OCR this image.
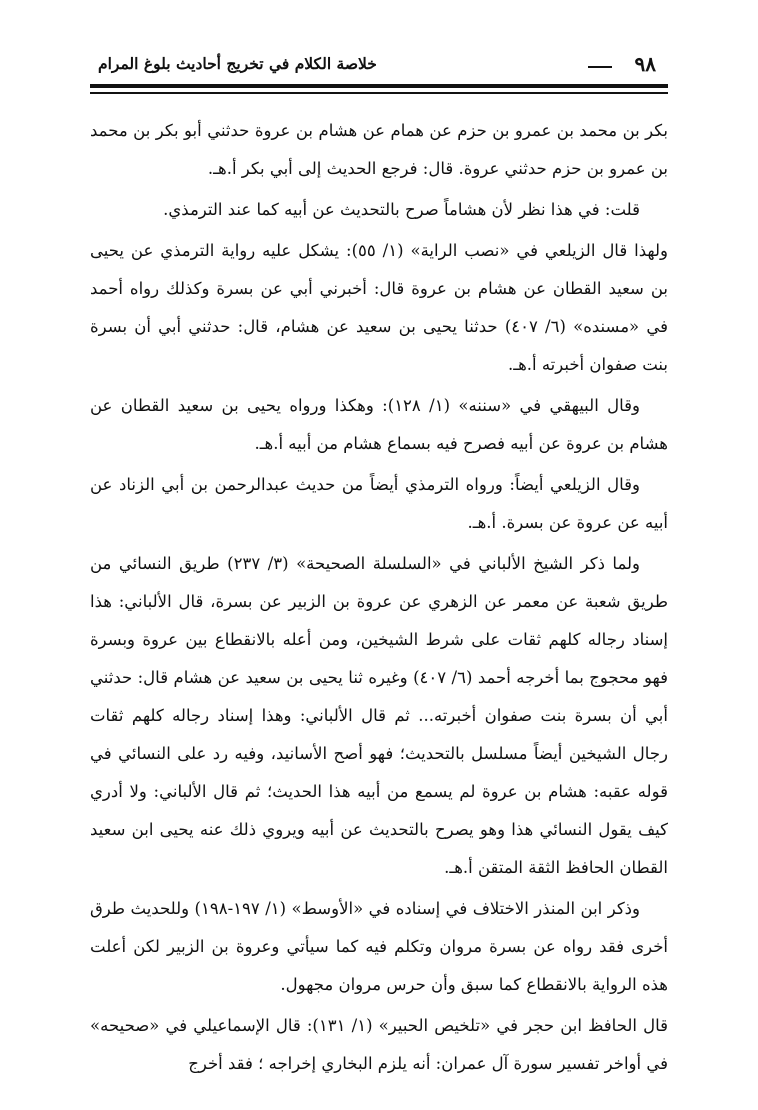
٩٨
خلاصة الكلام في تخريج أحاديث بلوغ المرام

بكر بن محمد بن عمرو بن حزم عن همام عن هشام بن عروة حدثني أبو بكر بن محمد بن عمرو بن حزم حدثني عروة. قال: فرجع الحديث إلى أبي بكر أ.هـ.

قلت: في هذا نظر لأن هشاماً صرح بالتحديث عن أبيه كما عند الترمذي.

ولهذا قال الزيلعي في «نصب الراية» (١/ ٥٥): يشكل عليه رواية الترمذي عن يحيى بن سعيد القطان عن هشام بن عروة قال: أخبرني أبي عن بسرة وكذلك رواه أحمد في «مسنده» (٦/ ٤٠٧) حدثنا يحيى بن سعيد عن هشام، قال: حدثني أبي أن بسرة بنت صفوان أخبرته أ.هـ.

وقال البيهقي في «سننه» (١/ ١٢٨): وهكذا ورواه يحيى بن سعيد القطان عن هشام بن عروة عن أبيه فصرح فيه بسماع هشام من أبيه أ.هـ.

وقال الزيلعي أيضاً: ورواه الترمذي أيضاً من حديث عبدالرحمن بن أبي الزناد عن أبيه عن عروة عن بسرة. أ.هـ.

ولما ذكر الشيخ الألباني في «السلسلة الصحيحة» (٣/ ٢٣٧) طريق النسائي من طريق شعبة عن معمر عن الزهري عن عروة بن الزبير عن بسرة، قال الألباني: هذا إسناد رجاله كلهم ثقات على شرط الشيخين، ومن أعله بالانقطاع بين عروة وبسرة فهو محجوج بما أخرجه أحمد (٦/ ٤٠٧) وغيره ثنا يحيى بن سعيد عن هشام قال: حدثني أبي أن بسرة بنت صفوان أخبرته... ثم قال الألباني: وهذا إسناد رجاله كلهم ثقات رجال الشيخين أيضاً مسلسل بالتحديث؛ فهو أصح الأسانيد، وفيه رد على النسائي في قوله عقبه: هشام بن عروة لم يسمع من أبيه هذا الحديث؛ ثم قال الألباني: ولا أدري كيف يقول النسائي هذا وهو يصرح بالتحديث عن أبيه ويروي ذلك عنه يحيى ابن سعيد القطان الحافظ الثقة المتقن أ.هـ.

وذكر ابن المنذر الاختلاف في إسناده في «الأوسط» (١/ ١٩٧-١٩٨) وللحديث طرق أخرى فقد رواه عن بسرة مروان وتكلم فيه كما سيأتي وعروة بن الزبير لكن أعلت هذه الرواية بالانقطاع كما سبق وأن حرس مروان مجهول.

قال الحافظ ابن حجر في «تلخيص الحبير» (١/ ١٣١): قال الإسماعيلي في «صحيحه» في أواخر تفسير سورة آل عمران: أنه يلزم البخاري إخراجه ؛ فقد أخرج
